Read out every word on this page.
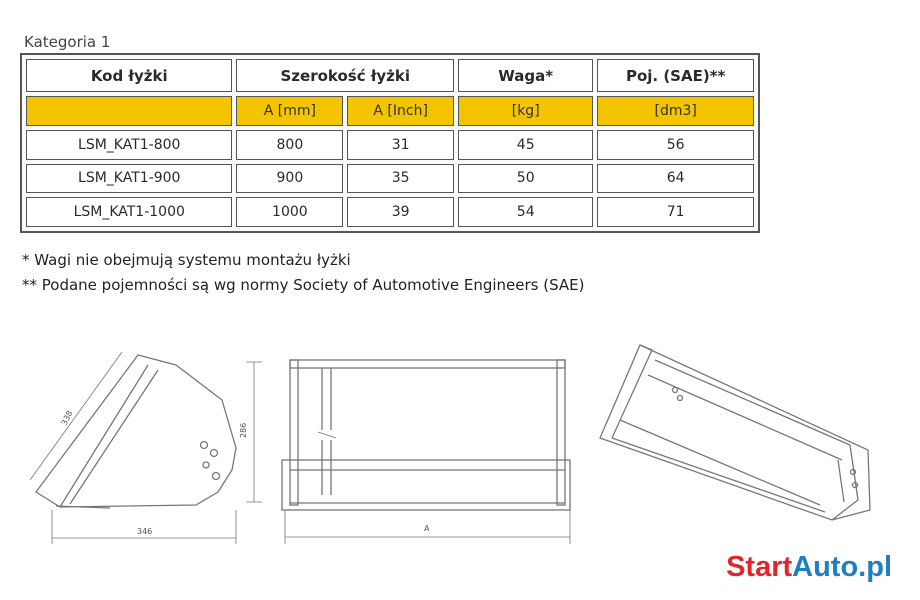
Kategoria 1
Kod łyżki	Szerokość łyżki		Waga*	Poj. (SAE)**
	A [mm]	A [Inch]	[kg]	[dm3]
LSM_KAT1-800	800	31	45	56
LSM_KAT1-900	900	35	50	64
LSM_KAT1-1000	1000	39	54	71
* Wagi nie obejmują systemu montażu łyżki
** Podane pojemności są wg normy Society of Automotive Engineers (SAE)
338
286
346	A
StartAuto.pl
